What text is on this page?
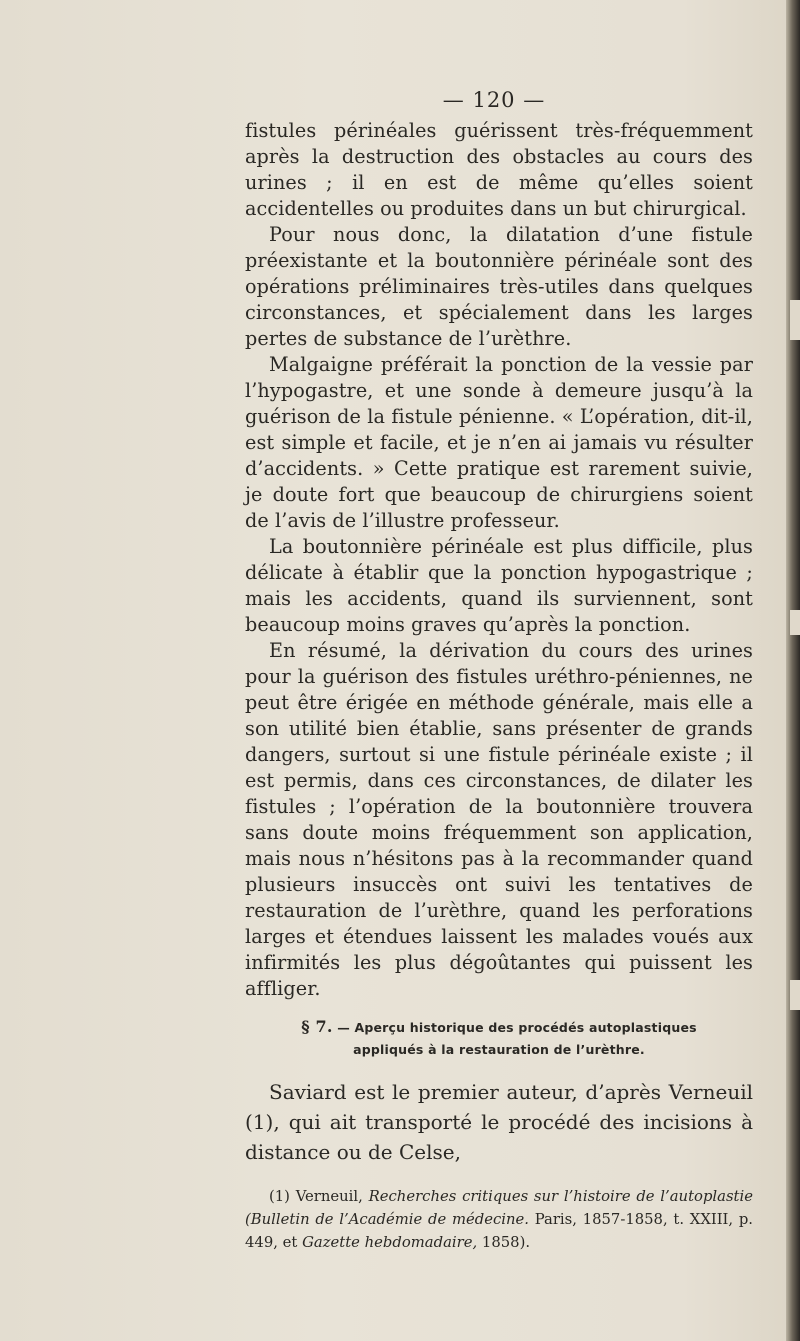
— 120 —

fistules périnéales guérissent très-fréquemment après la destruction des obstacles au cours des urines ; il en est de même qu’elles soient accidentelles ou produites dans un but chirurgical.

Pour nous donc, la dilatation d’une fistule préexistante et la boutonnière périnéale sont des opérations préliminaires très-utiles dans quelques circonstances, et spécialement dans les larges pertes de substance de l’urèthre.

Malgaigne préférait la ponction de la vessie par l’hypogastre, et une sonde à demeure jusqu’à la guérison de la fistule pénienne. « L’opération, dit-il, est simple et facile, et je n’en ai jamais vu résulter d’accidents. » Cette pratique est rarement suivie, je doute fort que beaucoup de chirurgiens soient de l’avis de l’illustre professeur.

La boutonnière périnéale est plus difficile, plus délicate à établir que la ponction hypogastrique ; mais les accidents, quand ils surviennent, sont beaucoup moins graves qu’après la ponction.

En résumé, la dérivation du cours des urines pour la guérison des fistules uréthro-péniennes, ne peut être érigée en méthode générale, mais elle a son utilité bien établie, sans présenter de grands dangers, surtout si une fistule périnéale existe ; il est permis, dans ces circonstances, de dilater les fistules ; l’opération de la boutonnière trouvera sans doute moins fréquemment son application, mais nous n’hésitons pas à la recommander quand plusieurs insuccès ont suivi les tentatives de restauration de l’urèthre, quand les perforations larges et étendues laissent les malades voués aux infirmités les plus dégoûtantes qui puissent les affliger.

§ 7. — Aperçu historique des procédés autoplastiques
appliqués à la restauration de l’urèthre.

Saviard est le premier auteur, d’après Verneuil (1), qui ait transporté le procédé des incisions à distance ou de Celse,

(1) Verneuil, Recherches critiques sur l’histoire de l’autoplastie (Bulletin de l’Académie de médecine. Paris, 1857-1858, t. XXIII, p. 449, et Gazette hebdomadaire, 1858).
